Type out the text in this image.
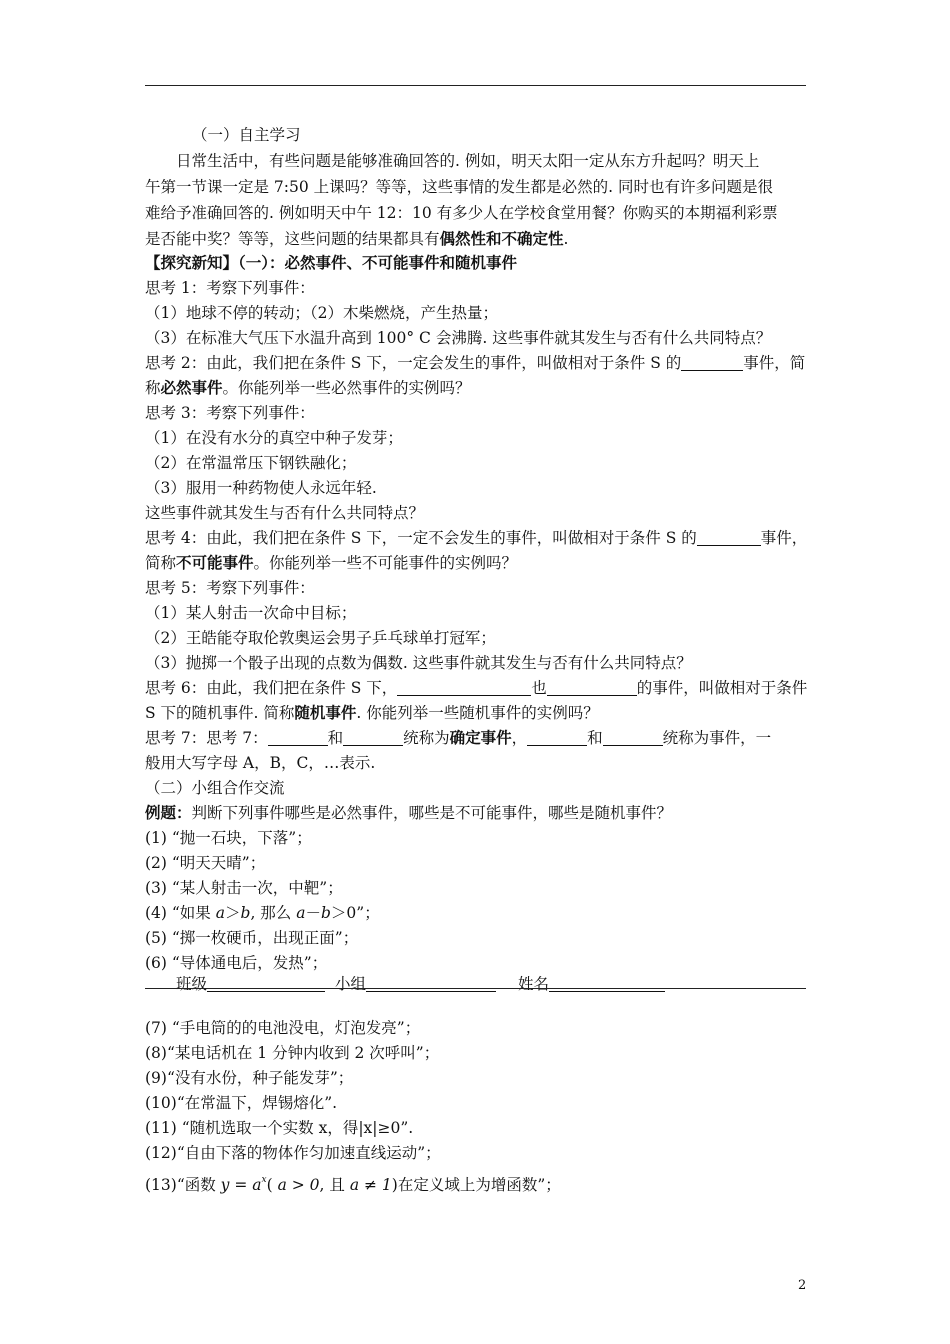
（一）自主学习
日常生活中，有些问题是能够准确回答的. 例如，明天太阳一定从东方升起吗？明天上
午第一节课一定是 7:50 上课吗？等等，这些事情的发生都是必然的. 同时也有许多问题是很
难给予准确回答的. 例如明天中午 12：10 有多少人在学校食堂用餐？你购买的本期福利彩票
是否能中奖？等等，这些问题的结果都具有偶然性和不确定性.
【探究新知】（一）：必然事件、不可能事件和随机事件
思考 1：考察下列事件：
（1）地球不停的转动；（2）木柴燃烧，产生热量；
（3）在标准大气压下水温升高到 100° C 会沸腾. 这些事件就其发生与否有什么共同特点？
思考 2：由此，我们把在条件 S 下，一定会发生的事件，叫做相对于条件 S 的	事件，简
称必然事件。你能列举一些必然事件的实例吗？
思考 3：考察下列事件：
（1）在没有水分的真空中种子发芽；
（2）在常温常压下钢铁融化；
（3）服用一种药物使人永远年轻.
这些事件就其发生与否有什么共同特点？
思考 4：由此，我们把在条件 S 下，一定不会发生的事件，叫做相对于条件 S 的	事件，
简称不可能事件。你能列举一些不可能事件的实例吗？
思考 5：考察下列事件：
（1）某人射击一次命中目标；
（2）王皓能夺取伦敦奥运会男子乒乓球单打冠军；
（3）抛掷一个骰子出现的点数为偶数. 这些事件就其发生与否有什么共同特点？
思考 6：由此，我们把在条件 S 下，	也	的事件，叫做相对于条件
S 下的随机事件. 简称随机事件. 你能列举一些随机事件的实例吗？
思考 7：思考 7：	和	统称为确定事件，	和	统称为事件，一
般用大写字母 A，B，C，…表示.
（二）小组合作交流
例题：判断下列事件哪些是必然事件，哪些是不可能事件，哪些是随机事件？
(1) “抛一石块，下落”；
(2) “明天天晴”；
(3) “某人射击一次，中靶”；
(4) “如果 a＞b, 那么 a－b＞0”；
(5) “掷一枚硬币，出现正面”；
(6) “导体通电后，发热”；
班级	小组	姓名
(7) “手电筒的的电池没电，灯泡发亮”；
(8)“某电话机在 1 分钟内收到 2 次呼叫”；
(9)“没有水份，种子能发芽”；
(10)“在常温下，焊锡熔化”.
(11) “随机选取一个实数 x，得|x|≥0”.
(12)“自由下落的物体作匀加速直线运动”；
(13)“函数 $y = a^x$( a > 0, 且 a ≠ 1)在定义域上为增函数”；
2
